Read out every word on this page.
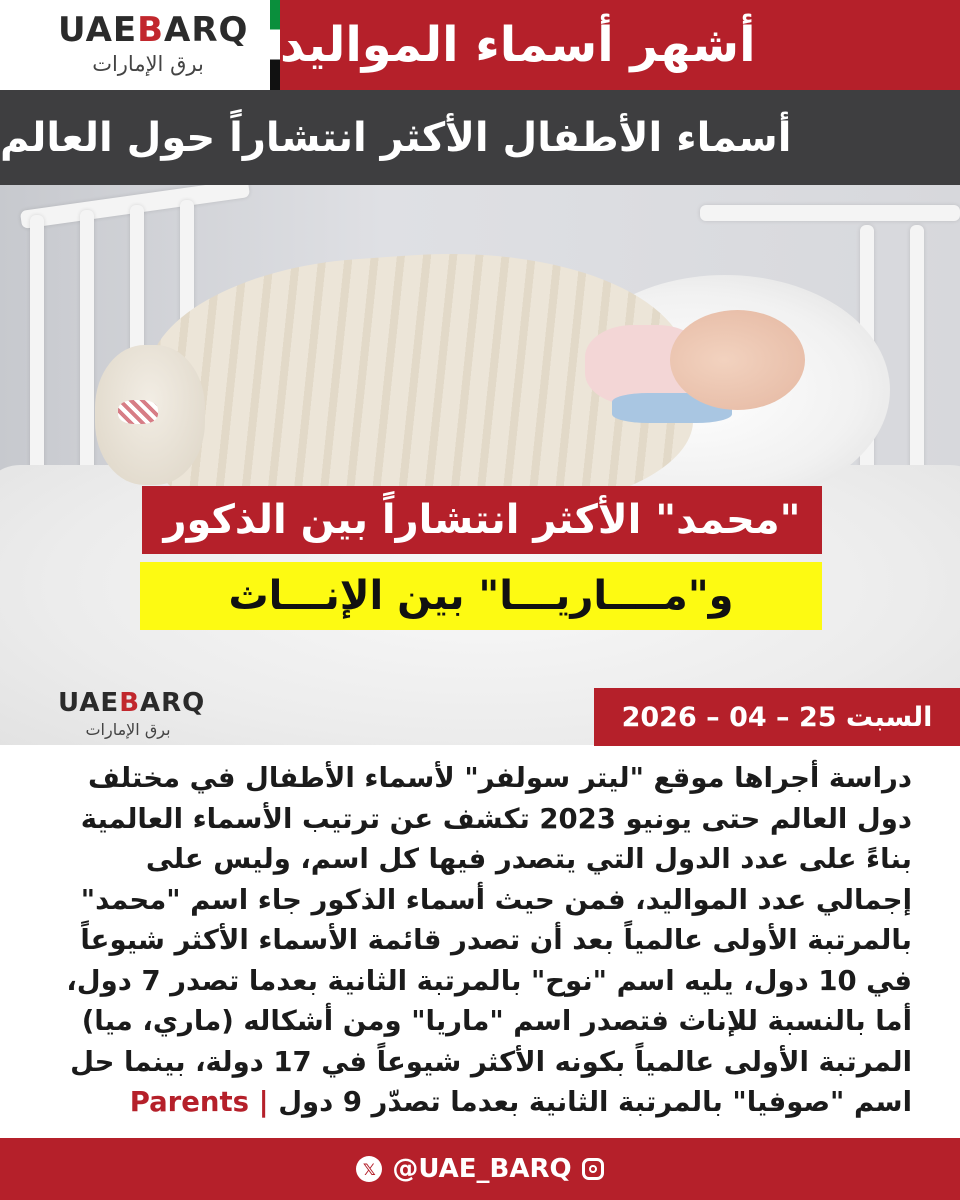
UAEBARQ
برق الإمارات	أشهر أسماء المواليد
أسماء الأطفال الأكثر انتشاراً حول العالم
"محمد" الأكثر انتشاراً بين الذكور
و"مــــاريـــا" بين الإنـــاث
UAEBARQ
برق الإمارات	السبت 25 – 04 – 2026
دراسة أجراها موقع "ليتر سولفر" لأسماء الأطفال في مختلف
دول العالم حتى يونيو 2023 تكشف عن ترتيب الأسماء العالمية
بناءً على عدد الدول التي يتصدر فيها كل اسم، وليس على
إجمالي عدد المواليد، فمن حيث أسماء الذكور جاء اسم "محمد"
بالمرتبة الأولى عالمياً بعد أن تصدر قائمة الأسماء الأكثر شيوعاً
في 10 دول، يليه اسم "نوح" بالمرتبة الثانية بعدما تصدر 7 دول،
أما بالنسبة للإناث فتصدر اسم "ماريا" ومن أشكاله (ماري، ميا)
المرتبة الأولى عالمياً بكونه الأكثر شيوعاً في 17 دولة، بينما حل
اسم "صوفيا" بالمرتبة الثانية بعدما تصدّر 9 دول | Parents
𝕏 @UAE_BARQ
